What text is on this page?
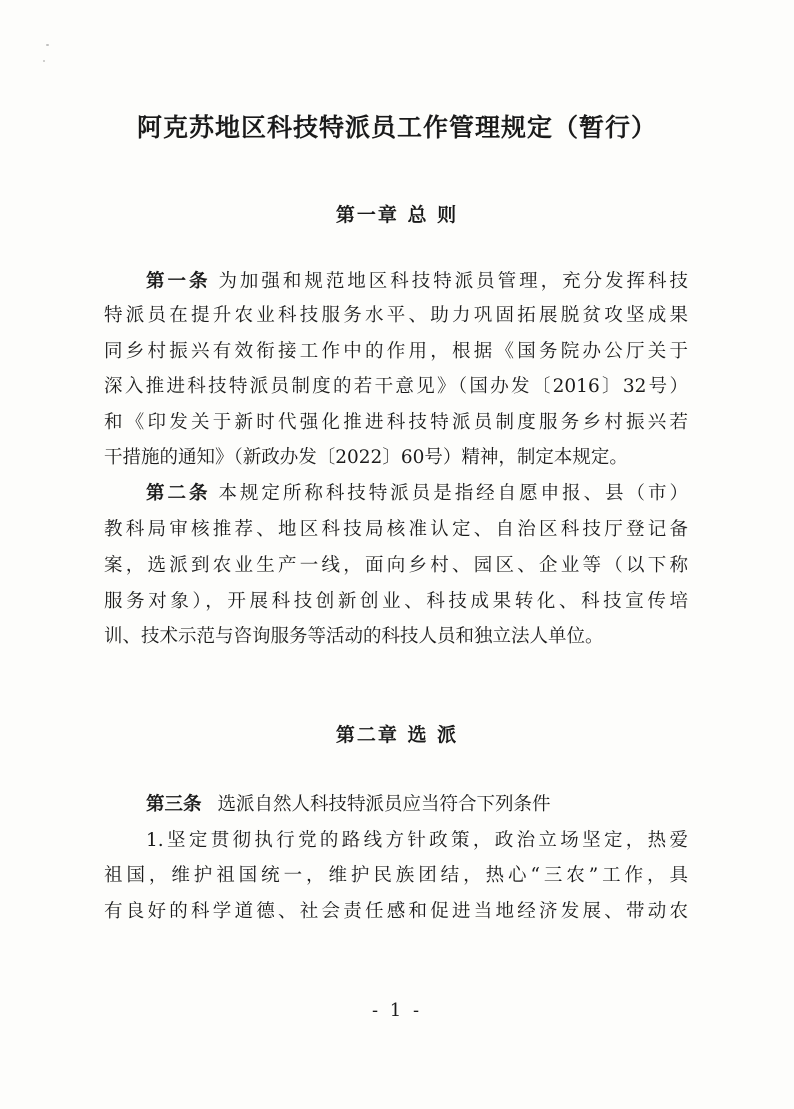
阿克苏地区科技特派员工作管理规定（暂行）
第一章 总 则
第一条 为加强和规范地区科技特派员管理，充分发挥科技
特派员在提升农业科技服务水平、助力巩固拓展脱贫攻坚成果
同乡村振兴有效衔接工作中的作用，根据《国务院办公厅关于
深入推进科技特派员制度的若干意见》（国办发〔2016〕32号）
和《印发关于新时代强化推进科技特派员制度服务乡村振兴若
干措施的通知》（新政办发〔2022〕60号）精神，制定本规定。
第二条 本规定所称科技特派员是指经自愿申报、县（市）
教科局审核推荐、地区科技局核准认定、自治区科技厅登记备
案，选派到农业生产一线，面向乡村、园区、企业等（以下称
服务对象），开展科技创新创业、科技成果转化、科技宣传培
训、技术示范与咨询服务等活动的科技人员和独立法人单位。
第二章 选 派
第三条 选派自然人科技特派员应当符合下列条件
1.坚定贯彻执行党的路线方针政策，政治立场坚定，热爱
祖国，维护祖国统一，维护民族团结，热心“三农”工作，具
有良好的科学道德、社会责任感和促进当地经济发展、带动农
- 1 -
